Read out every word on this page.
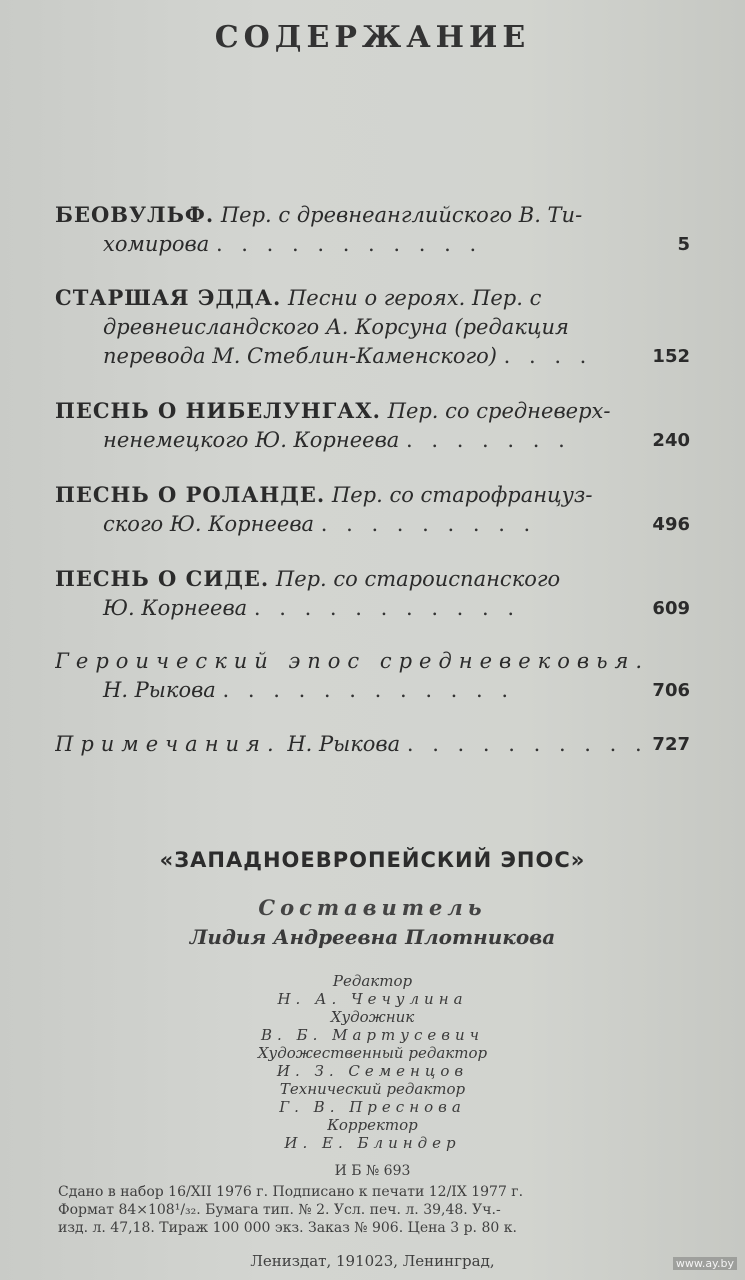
СОДЕРЖАНИЕ
БЕОВУЛЬФ. Пер. с древнеанглийского В. Ти-
хомирова . . . . . . . . . . .	5
СТАРШАЯ ЭДДА. Песни о героях. Пер. с
древнеисландского А. Корсуна (редакция
перевода М. Стеблин-Каменского) . . . .	152
ПЕСНЬ О НИБЕЛУНГАХ. Пер. со средневерх-
ненемецкого Ю. Корнеева . . . . . . .	240
ПЕСНЬ О РОЛАНДЕ. Пер. со старофранцуз-
ского Ю. Корнеева . . . . . . . . .	496
ПЕСНЬ О СИДЕ. Пер. со староиспанского
Ю. Корнеева . . . . . . . . . . .	609
Героический эпос средневековья.
Н. Рыкова . . . . . . . . . . . .	706
Примечания. Н. Рыкова . . . . . . . . . . 727
«ЗАПАДНОЕВРОПЕЙСКИЙ ЭПОС»
Составитель
Лидия Андреевна Плотникова
Редактор
Н. А. Чечулина
Художник
В. Б. Мартусевич
Художественный редактор
И. З. Семенцов
Технический редактор
Г. В. Преснова
Корректор
И. Е. Блиндер
И Б № 693
Сдано в набор 16/XII 1976 г. Подписано к печати 12/IX 1977 г.
Формат 84×108¹/₃₂. Бумага тип. № 2. Усл. печ. л. 39,48. Уч.-
изд. л. 47,18. Тираж 100 000 экз. Заказ № 906. Цена 3 р. 80 к.
Лениздат, 191023, Ленинград,	www.ay.by
